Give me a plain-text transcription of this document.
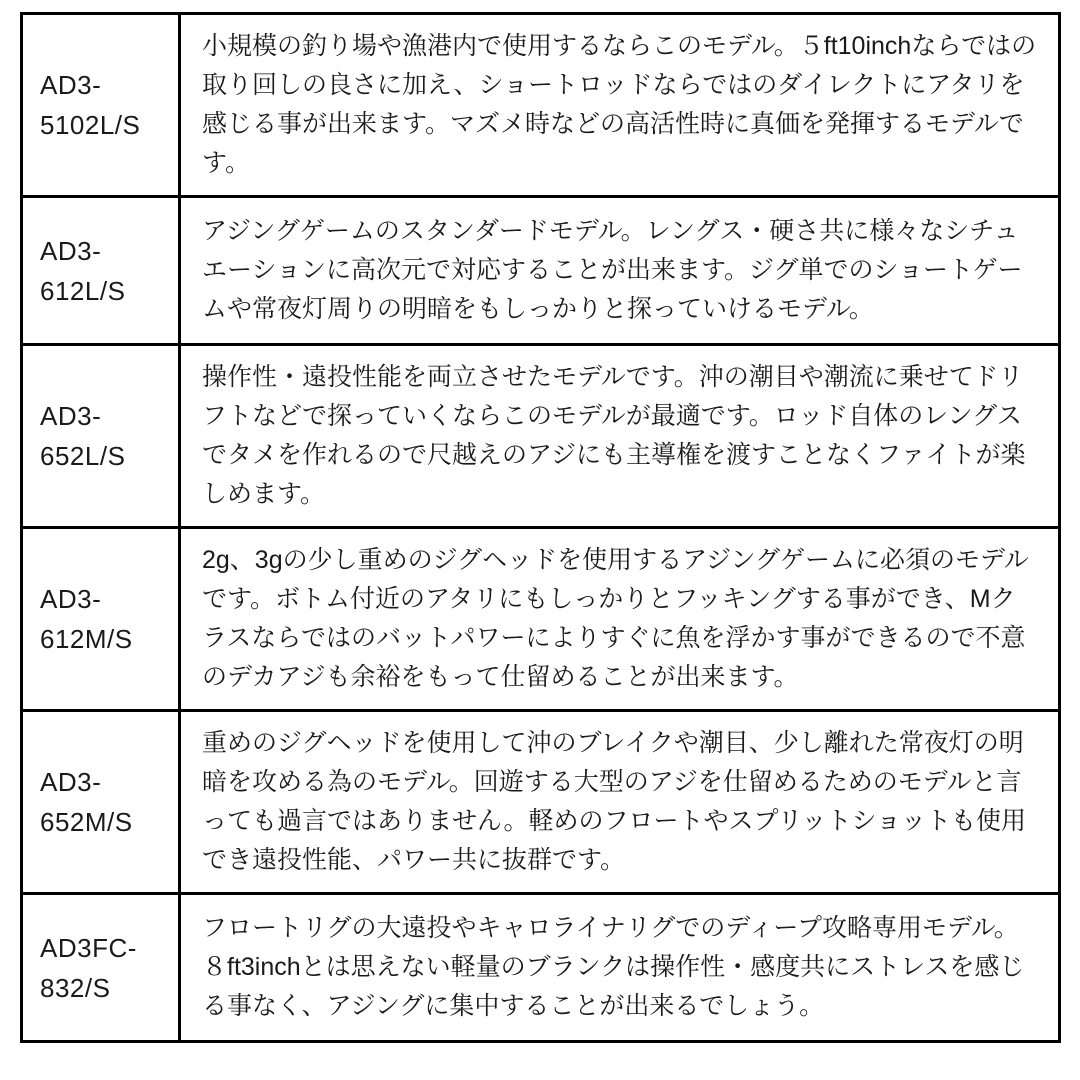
AD3-5102L/S	小規模の釣り場や漁港内で使用するならこのモデル。５ft10inchならではの取り回しの良さに加え、ショートロッドならではのダイレクトにアタリを感じる事が出来ます。マズメ時などの高活性時に真価を発揮するモデルです。
AD3-612L/S	アジングゲームのスタンダードモデル。レングス・硬さ共に様々なシチュエーションに高次元で対応することが出来ます。ジグ単でのショートゲームや常夜灯周りの明暗をもしっかりと探っていけるモデル。
AD3-652L/S	操作性・遠投性能を両立させたモデルです。沖の潮目や潮流に乗せてドリフトなどで探っていくならこのモデルが最適です。ロッド自体のレングスでタメを作れるので尺越えのアジにも主導権を渡すことなくファイトが楽しめます。
AD3-612M/S	2g、3gの少し重めのジグヘッドを使用するアジングゲームに必須のモデルです。ボトム付近のアタリにもしっかりとフッキングする事ができ、Mクラスならではのバットパワーによりすぐに魚を浮かす事ができるので不意のデカアジも余裕をもって仕留めることが出来ます。
AD3-652M/S	重めのジグヘッドを使用して沖のブレイクや潮目、少し離れた常夜灯の明暗を攻める為のモデル。回遊する大型のアジを仕留めるためのモデルと言っても過言ではありません。軽めのフロートやスプリットショットも使用でき遠投性能、パワー共に抜群です。
AD3FC-832/S	フロートリグの大遠投やキャロライナリグでのディープ攻略専用モデル。８ft3inchとは思えない軽量のブランクは操作性・感度共にストレスを感じる事なく、アジングに集中することが出来るでしょう。
